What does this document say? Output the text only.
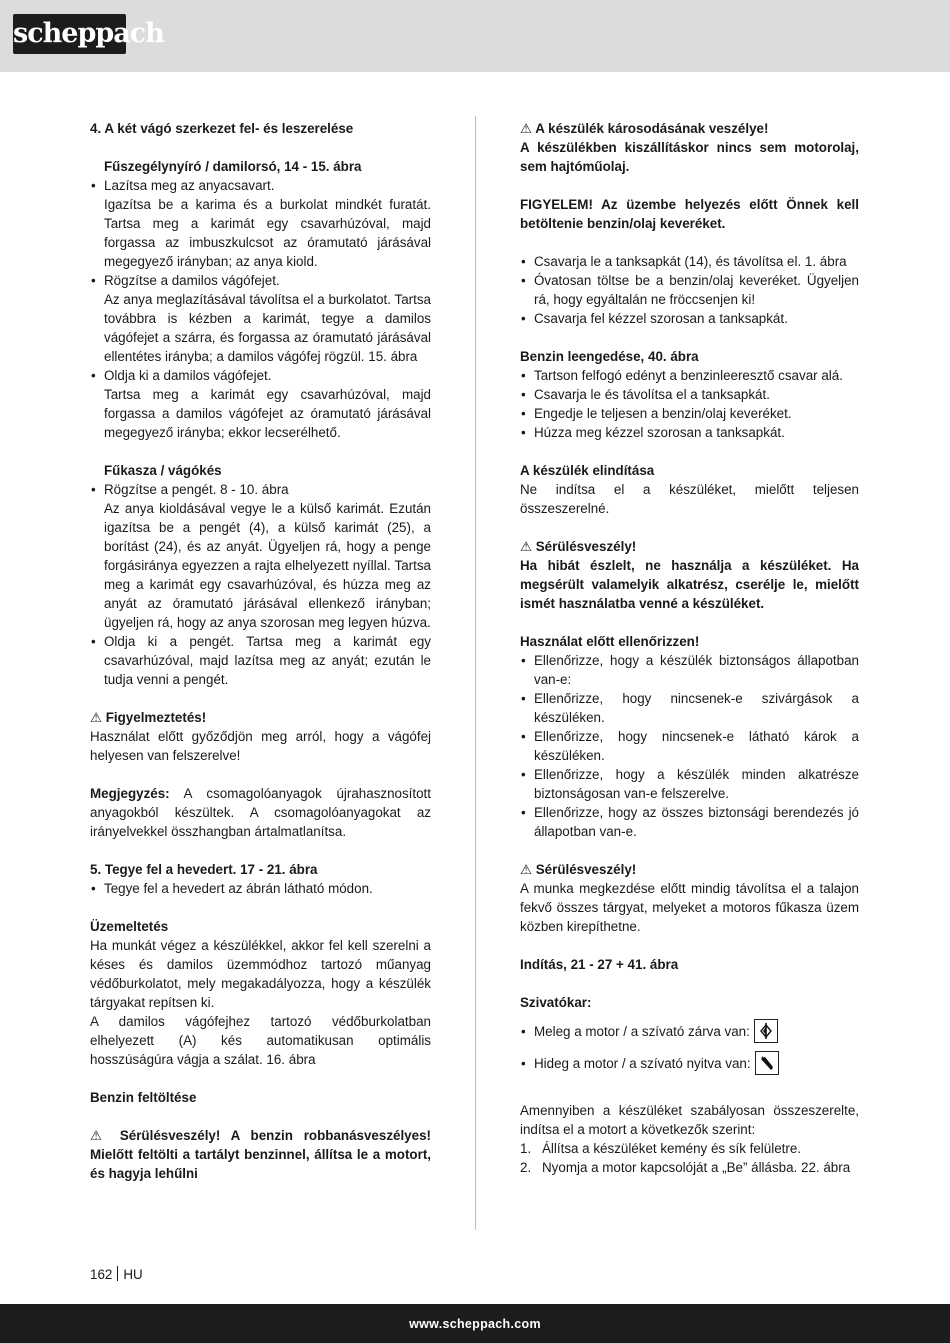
scheppach

4. A két vágó szerkezet fel- és leszerelése

Fűszegélynyíró / damilorsó, 14 - 15. ábra

• Lazítsa meg az anyacsavart.

Igazítsa be a karima és a burkolat mindkét furatát. Tartsa meg a karimát egy csavarhúzóval, majd forgassa az imbuszkulcsot az óramutató járásával megegyező irányban; az anya kiold.

• Rögzítse a damilos vágófejet.

Az anya meglazításával távolítsa el a burkolatot. Tartsa továbbra is kézben a karimát, tegye a damilos vágófejet a szárra, és forgassa az óramutató járásával ellentétes irányba; a damilos vágófej rögzül. 15. ábra

• Oldja ki a damilos vágófejet.

Tartsa meg a karimát egy csavarhúzóval, majd forgassa a damilos vágófejet az óramutató járásával megegyező irányba; ekkor lecserélhető.

Fűkasza / vágókés

• Rögzítse a pengét. 8 - 10. ábra

Az anya kioldásával vegye le a külső karimát. Ezután igazítsa be a pengét (4), a külső karimát (25), a borítást (24), és az anyát. Ügyeljen rá, hogy a penge forgásiránya egyezzen a rajta elhelyezett nyíllal. Tartsa meg a karimát egy csavarhúzóval, és húzza meg az anyát az óramutató járásával ellenkező irányban; ügyeljen rá, hogy az anya szorosan meg legyen húzva.

• Oldja ki a pengét. Tartsa meg a karimát egy csavarhúzóval, majd lazítsa meg az anyát; ezután le tudja venni a pengét.

⚠ Figyelmeztetés!

Használat előtt győződjön meg arról, hogy a vágófej helyesen van felszerelve!

Megjegyzés: A csomagolóanyagok újrahasznosított anyagokból készültek. A csomagolóanyagokat az irányelvekkel összhangban ártalmatlanítsa.

5. Tegye fel a hevedert. 17 - 21. ábra

• Tegye fel a hevedert az ábrán látható módon.

Üzemeltetés

Ha munkát végez a készülékkel, akkor fel kell szerelni a késes és damilos üzemmódhoz tartozó műanyag védőburkolatot, mely megakadályozza, hogy a készülék tárgyakat repítsen ki.

A damilos vágófejhez tartozó védőburkolatban elhelyezett (A) kés automatikusan optimális hosszúságúra vágja a szálat. 16. ábra

Benzin feltöltése

⚠ Sérülésveszély! A benzin robbanásveszélyes! Mielőtt feltölti a tartályt benzinnel, állítsa le a motort, és hagyja lehűlni

⚠ A készülék károsodásának veszélye!

A készülékben kiszállításkor nincs sem motorolaj, sem hajtóműolaj.

FIGYELEM! Az üzembe helyezés előtt Önnek kell betöltenie benzin/olaj keveréket.

• Csavarja le a tanksapkát (14), és távolítsa el. 1. ábra

• Óvatosan töltse be a benzin/olaj keveréket. Ügyeljen rá, hogy egyáltalán ne fröccsenjen ki!

• Csavarja fel kézzel szorosan a tanksapkát.

Benzin leengedése, 40. ábra

• Tartson felfogó edényt a benzinleeresztő csavar alá.

• Csavarja le és távolítsa el a tanksapkát.

• Engedje le teljesen a benzin/olaj keveréket.

• Húzza meg kézzel szorosan a tanksapkát.

A készülék elindítása

Ne indítsa el a készüléket, mielőtt teljesen összeszerelné.

⚠ Sérülésveszély!

Ha hibát észlelt, ne használja a készüléket. Ha megsérült valamelyik alkatrész, cserélje le, mielőtt ismét használatba venné a készüléket.

Használat előtt ellenőrizzen!

• Ellenőrizze, hogy a készülék biztonságos állapotban van-e:

• Ellenőrizze, hogy nincsenek-e szivárgások a készüléken.

• Ellenőrizze, hogy nincsenek-e látható károk a készüléken.

• Ellenőrizze, hogy a készülék minden alkatrésze biztonságosan van-e felszerelve.

• Ellenőrizze, hogy az összes biztonsági berendezés jó állapotban van-e.

⚠ Sérülésveszély!

A munka megkezdése előtt mindig távolítsa el a talajon fekvő összes tárgyat, melyeket a motoros fűkasza üzem közben kirepíthetne.

Indítás, 21 - 27 + 41. ábra

Szivatókar:

• Meleg a motor / a szívató zárva van:
• Hideg a motor / a szívató nyitva van:

Amennyiben a készüléket szabályosan összeszerelte, indítsa el a motort a következők szerint:

1. Állítsa a készüléket kemény és sík felületre.

2. Nyomja a motor kapcsolóját a „Be” állásba. 22. ábra

162 HU
www.scheppach.com
